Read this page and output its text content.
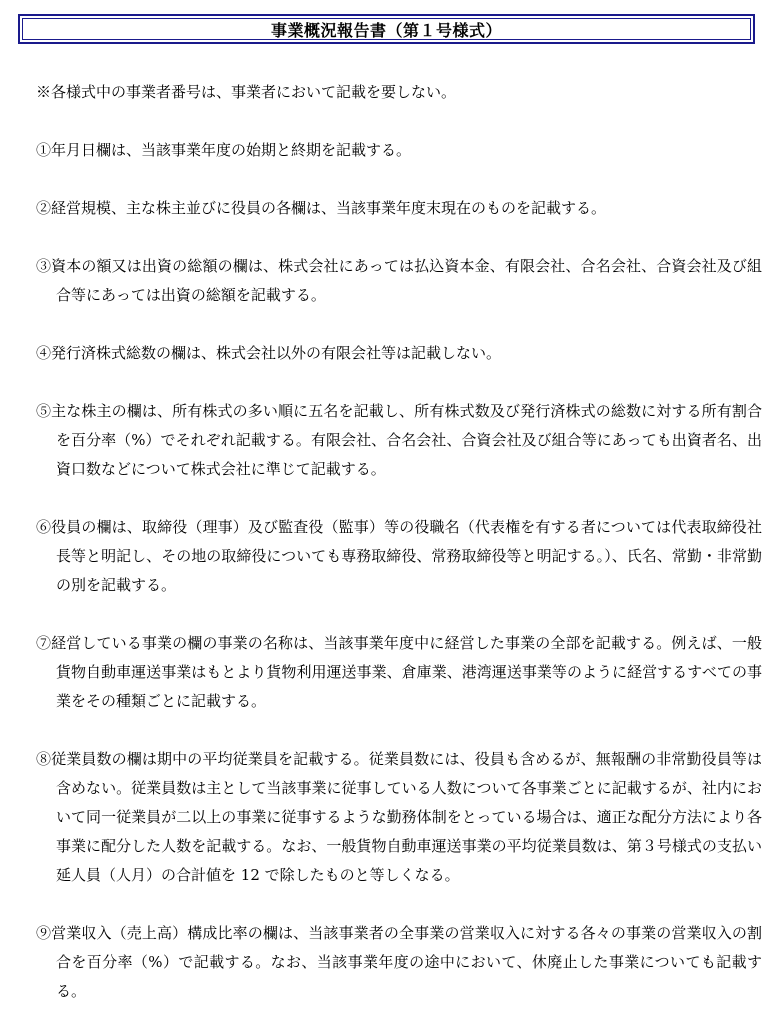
事業概況報告書（第１号様式）

※各様式中の事業者番号は、事業者において記載を要しない。

①年月日欄は、当該事業年度の始期と終期を記載する。

②経営規模、主な株主並びに役員の各欄は、当該事業年度末現在のものを記載する。

③資本の額又は出資の総額の欄は、株式会社にあっては払込資本金、有限会社、合名会社、合資会社及び組合等にあっては出資の総額を記載する。

④発行済株式総数の欄は、株式会社以外の有限会社等は記載しない。

⑤主な株主の欄は、所有株式の多い順に五名を記載し、所有株式数及び発行済株式の総数に対する所有割合を百分率（%）でそれぞれ記載する。有限会社、合名会社、合資会社及び組合等にあっても出資者名、出資口数などについて株式会社に準じて記載する。

⑥役員の欄は、取締役（理事）及び監査役（監事）等の役職名（代表権を有する者については代表取締役社長等と明記し、その地の取締役についても専務取締役、常務取締役等と明記する。）、氏名、常勤・非常勤の別を記載する。

⑦経営している事業の欄の事業の名称は、当該事業年度中に経営した事業の全部を記載する。例えば、一般貨物自動車運送事業はもとより貨物利用運送事業、倉庫業、港湾運送事業等のように経営するすべての事業をその種類ごとに記載する。

⑧従業員数の欄は期中の平均従業員を記載する。従業員数には、役員も含めるが、無報酬の非常勤役員等は含めない。従業員数は主として当該事業に従事している人数について各事業ごとに記載するが、社内において同一従業員が二以上の事業に従事するような勤務体制をとっている場合は、適正な配分方法により各事業に配分した人数を記載する。なお、一般貨物自動車運送事業の平均従業員数は、第３号様式の支払い延人員（人月）の合計値を 12 で除したものと等しくなる。

⑨営業収入（売上高）構成比率の欄は、当該事業者の全事業の営業収入に対する各々の事業の営業収入の割合を百分率（%）で記載する。なお、当該事業年度の途中において、休廃止した事業についても記載する。
